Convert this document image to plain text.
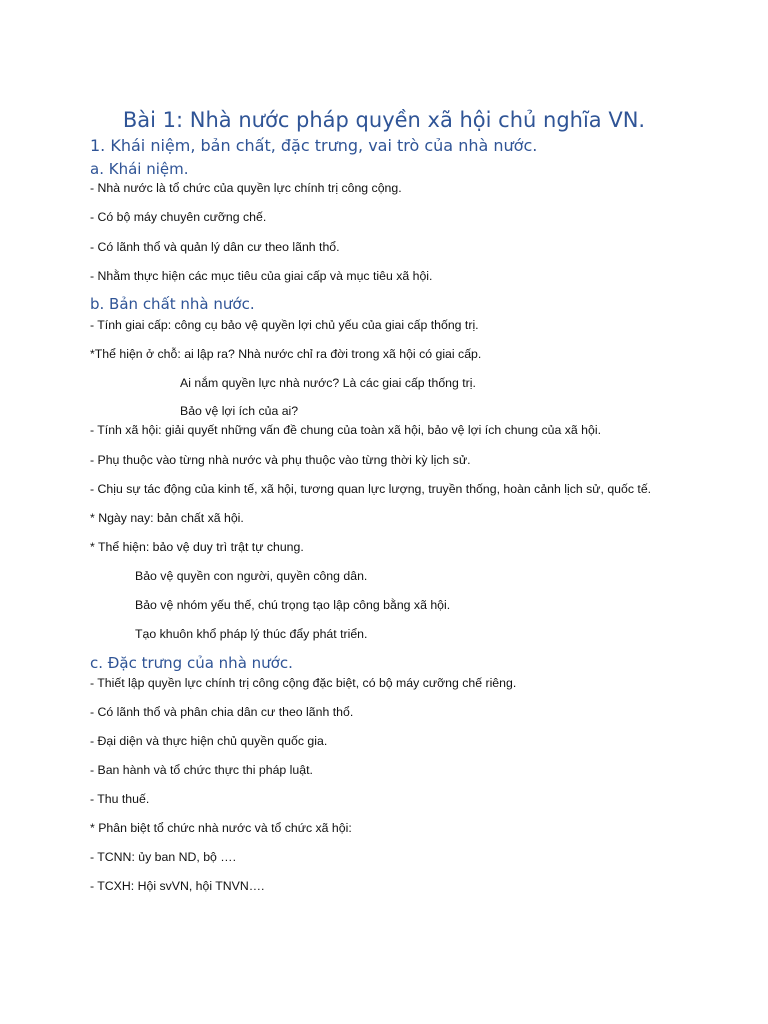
Bài 1: Nhà nước pháp quyền xã hội chủ nghĩa VN.
1. Khái niệm, bản chất, đặc trưng, vai trò của nhà nước.
a. Khái niệm.
- Nhà nước là tổ chức của quyền lực chính trị công cộng.
- Có bộ máy chuyên cưỡng chế.
- Có lãnh thổ và quản lý dân cư theo lãnh thổ.
- Nhằm thực hiện các mục tiêu của giai cấp và mục tiêu xã hội.
b. Bản chất nhà nước.
- Tính giai cấp: công cụ bảo vệ quyền lợi chủ yếu của giai cấp thống trị.
*Thể hiện ở chỗ: ai lập ra? Nhà nước chỉ ra đời trong xã hội có giai cấp.
Ai nắm quyền lực nhà nước? Là các giai cấp thống trị.
Bảo vệ lợi ích của ai?
- Tính xã hội: giải quyết những vấn đề chung của toàn xã hội, bảo vệ lợi ích chung của xã hội.
- Phụ thuộc vào từng nhà nước và phụ thuộc vào từng thời kỳ lịch sử.
- Chịu sự tác động của kinh tế, xã hội, tương quan lực lượng, truyền thống, hoàn cảnh lịch sử, quốc tế.
* Ngày nay: bản chất xã hội.
* Thể hiện: bảo vệ duy trì trật tự chung.
Bảo vệ quyền con người, quyền công dân.
Bảo vệ nhóm yếu thế, chú trọng tạo lập công bằng xã hội.
Tạo khuôn khổ pháp lý thúc đẩy phát triển.
c. Đặc trưng của nhà nước.
- Thiết lập quyền lực chính trị công cộng đặc biệt, có bộ máy cưỡng chế riêng.
- Có lãnh thổ và phân chia dân cư theo lãnh thổ.
- Đại diện và thực hiện chủ quyền quốc gia.
- Ban hành và tổ chức thực thi pháp luật.
- Thu thuế.
* Phân biệt tổ chức nhà nước và tổ chức xã hội:
- TCNN: ủy ban ND, bộ ….
- TCXH: Hội svVN, hội TNVN….
